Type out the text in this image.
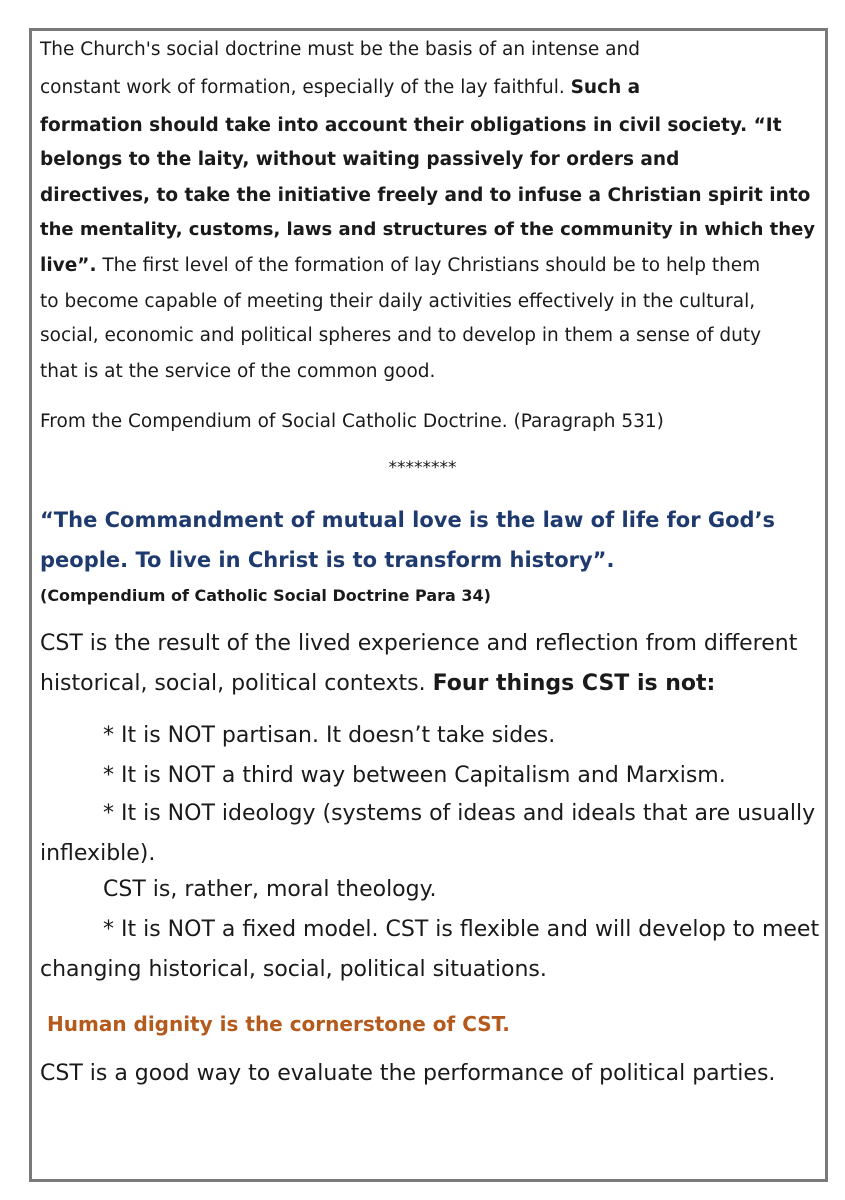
The Church's social doctrine must be the basis of an intense and
constant work of formation, especially of the lay faithful. Such a
formation should take into account their obligations in civil society. “It
belongs to the laity, without waiting passively for orders and
directives, to take the initiative freely and to infuse a Christian spirit into
the mentality, customs, laws and structures of the community in which they
live”. The first level of the formation of lay Christians should be to help them
to become capable of meeting their daily activities effectively in the cultural,
social, economic and political spheres and to develop in them a sense of duty
that is at the service of the common good.
From the Compendium of Social Catholic Doctrine. (Paragraph 531)
********
“The Commandment of mutual love is the law of life for God’s
people. To live in Christ is to transform history”.
(Compendium of Catholic Social Doctrine Para 34)
CST is the result of the lived experience and reflection from different
historical, social, political contexts. Four things CST is not:
* It is NOT partisan. It doesn’t take sides.
* It is NOT a third way between Capitalism and Marxism.
* It is NOT ideology (systems of ideas and ideals that are usually
inflexible).
CST is, rather, moral theology.
* It is NOT a fixed model. CST is flexible and will develop to meet
changing historical, social, political situations.
Human dignity is the cornerstone of CST.
CST is a good way to evaluate the performance of political parties.
